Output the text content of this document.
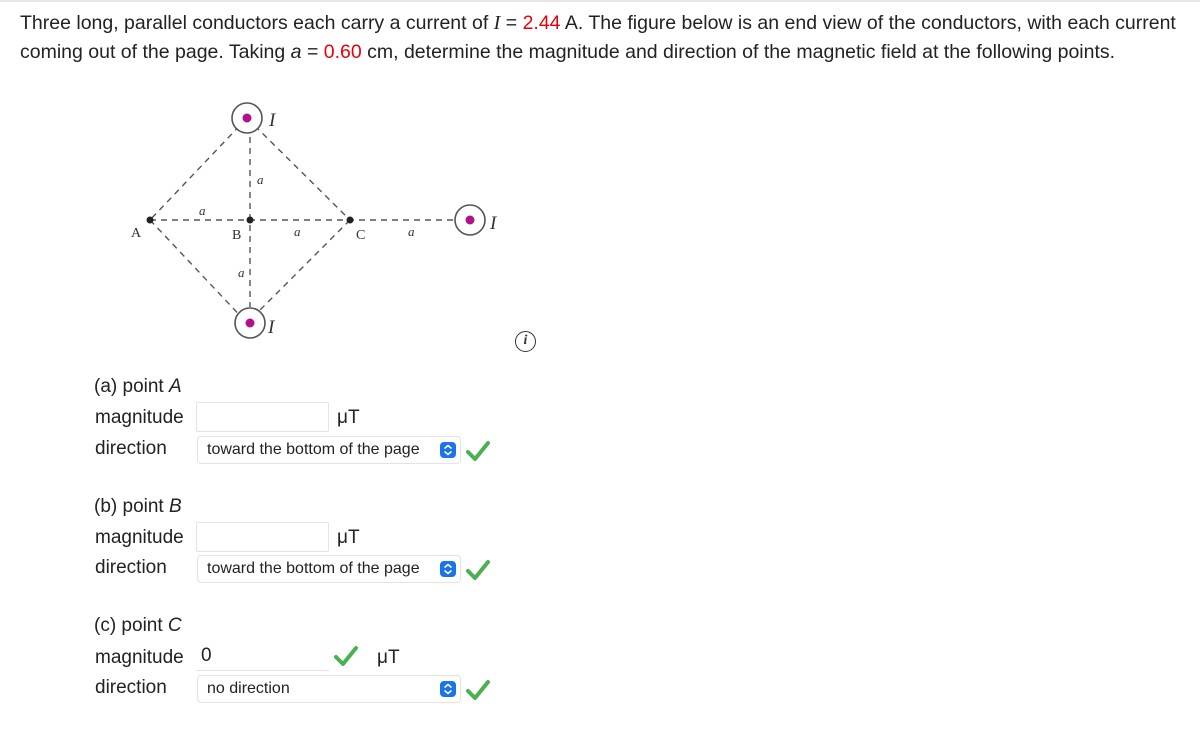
Three long, parallel conductors each carry a current of I = 2.44 A. The figure below is an end view of the conductors, with each current coming out of the page. Taking a = 0.60 cm, determine the magnitude and direction of the magnetic field at the following points.
I
I
I
a
a
a	a
a
A	B	C
i
(a) point A
magnitude	μT
direction	toward the bottom of the page
(b) point B
magnitude	μT
direction	toward the bottom of the page
(c) point C
magnitude 0	μT
direction	no direction
